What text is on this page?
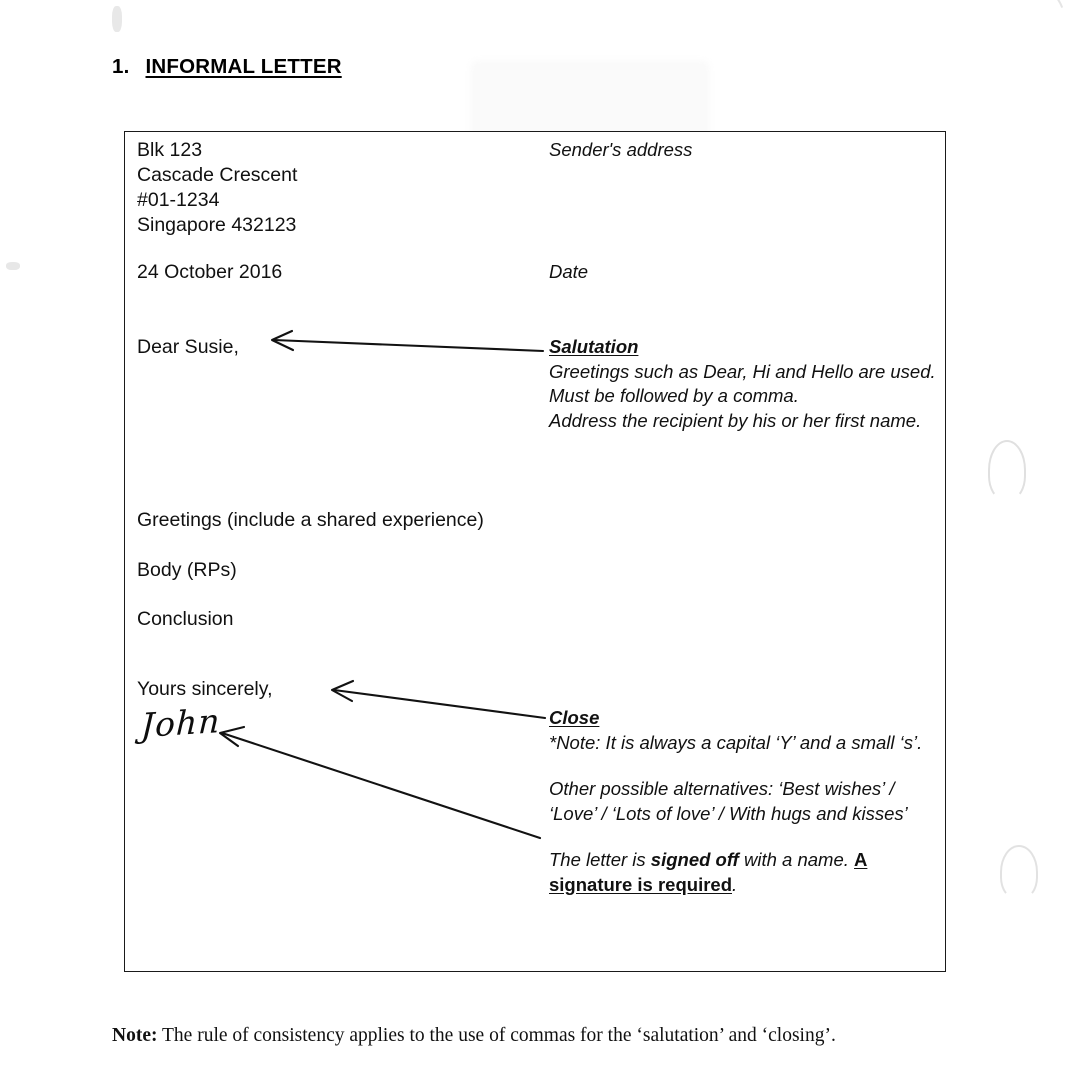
1. INFORMAL LETTER
Blk 123
Cascade Crescent
#01-1234
Singapore 432123
24 October 2016
Dear Susie,
Greetings (include a shared experience)
Body (RPs)
Conclusion
Yours sincerely,
John

Sender's address

Date

Salutation

Greetings such as Dear, Hi and Hello are used. Must be followed by a comma.

Address the recipient by his or her first name.

Close

*Note: It is always a capital ‘Y’ and a small ‘s’.

Other possible alternatives: ‘Best wishes’ / ‘Love’ / ‘Lots of love’ / With hugs and kisses’

The letter is signed off with a name. A signature is required.

Note: The rule of consistency applies to the use of commas for the ‘salutation’ and ‘closing’.
